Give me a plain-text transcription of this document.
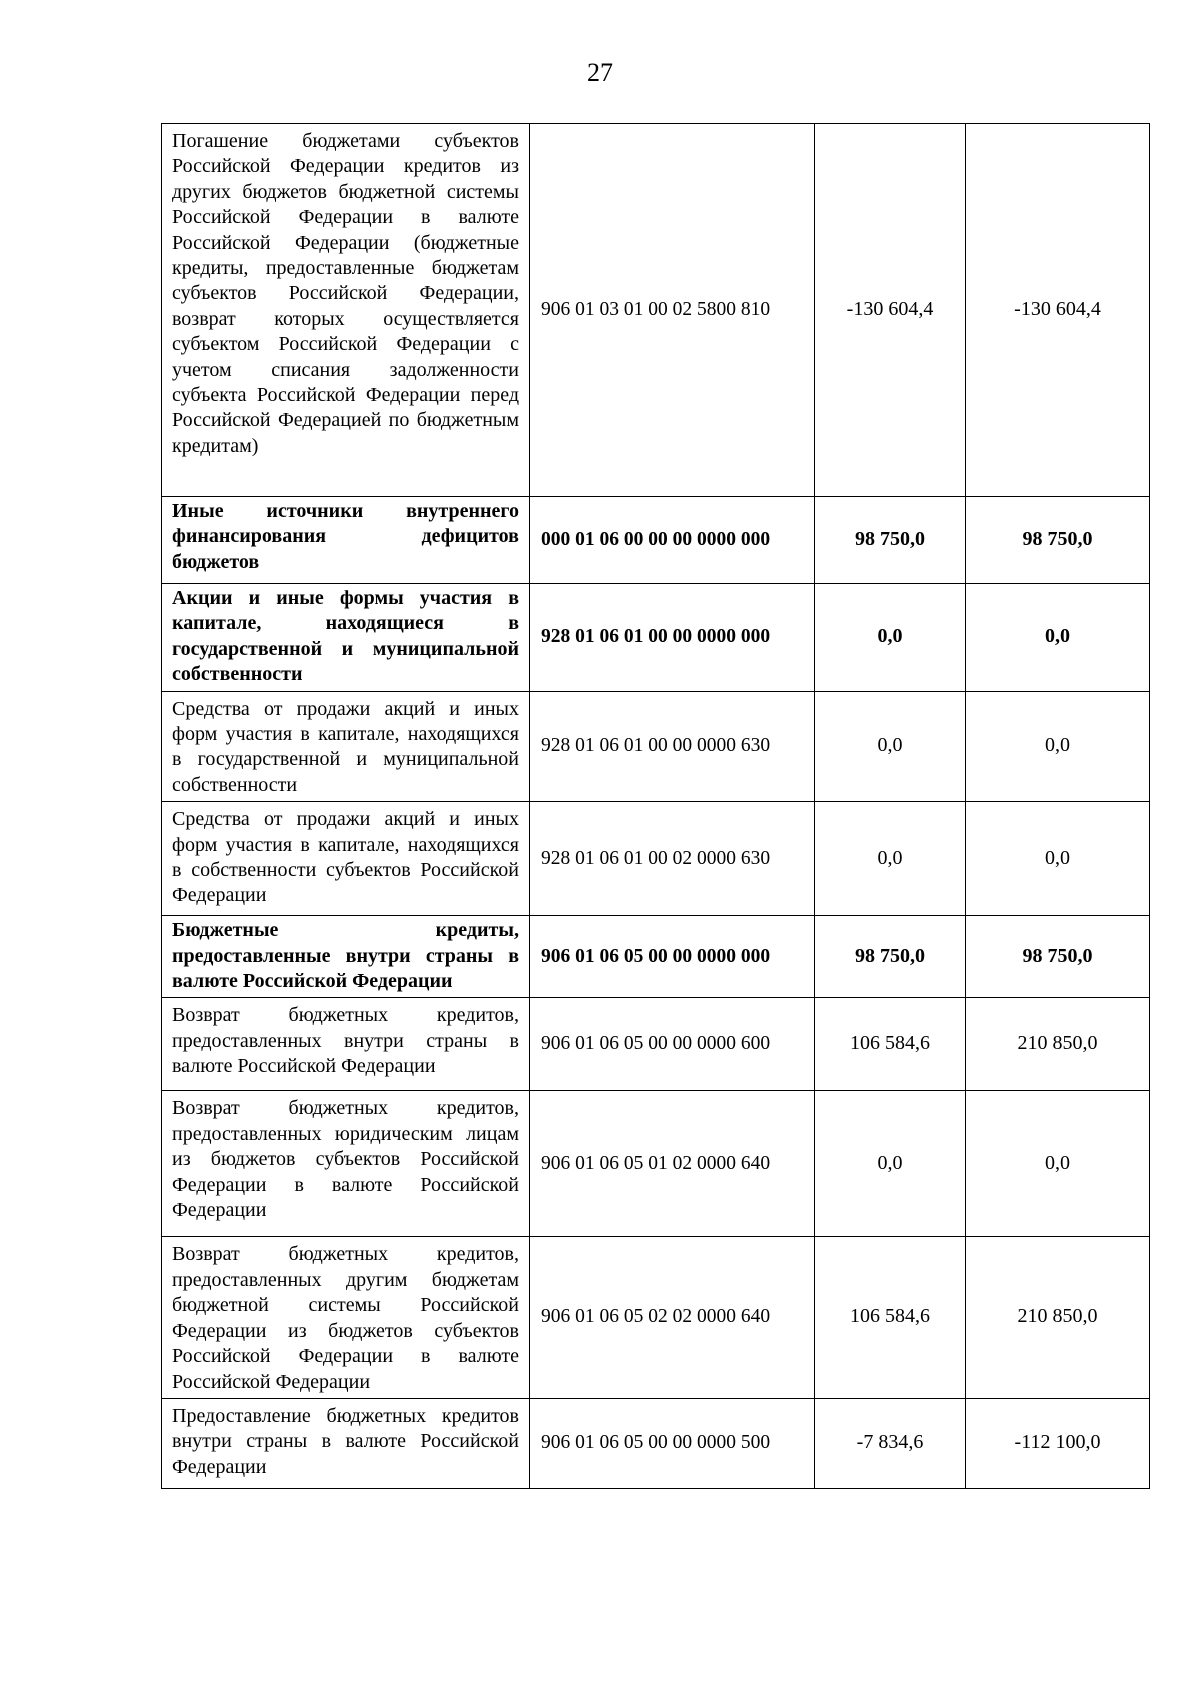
27
Погашение бюджетами субъектов Российской Федерации кредитов из других бюджетов бюджетной системы Российской Федерации в валюте Российской Федерации (бюджетные кредиты, предоставленные бюджетам субъектов Российской Федерации, возврат которых осуществляется субъектом Российской Федерации с учетом списания задолженности субъекта Российской Федерации перед Российской Федерацией по бюджетным кредитам)	906 01 03 01 00 02 5800 810	-130 604,4	-130 604,4
Иные источники внутреннего финансирования дефицитов бюджетов	000 01 06 00 00 00 0000 000	98 750,0	98 750,0
Акции и иные формы участия в капитале, находящиеся в государственной и муниципальной собственности	928 01 06 01 00 00 0000 000	0,0	0,0
Средства от продажи акций и иных форм участия в капитале, находящихся в государственной и муниципальной собственности	928 01 06 01 00 00 0000 630	0,0	0,0
Средства от продажи акций и иных форм участия в капитале, находящихся в собственности субъектов Российской Федерации	928 01 06 01 00 02 0000 630	0,0	0,0
Бюджетные кредиты, предоставленные внутри страны в валюте Российской Федерации	906 01 06 05 00 00 0000 000	98 750,0	98 750,0
Возврат бюджетных кредитов, предоставленных внутри страны в валюте Российской Федерации	906 01 06 05 00 00 0000 600	106 584,6	210 850,0
Возврат бюджетных кредитов, предоставленных юридическим лицам из бюджетов субъектов Российской Федерации в валюте Российской Федерации	906 01 06 05 01 02 0000 640	0,0	0,0
Возврат бюджетных кредитов, предоставленных другим бюджетам бюджетной системы Российской Федерации из бюджетов субъектов Российской Федерации в валюте Российской Федерации	906 01 06 05 02 02 0000 640	106 584,6	210 850,0
Предоставление бюджетных кредитов внутри страны в валюте Российской Федерации	906 01 06 05 00 00 0000 500	-7 834,6	-112 100,0
